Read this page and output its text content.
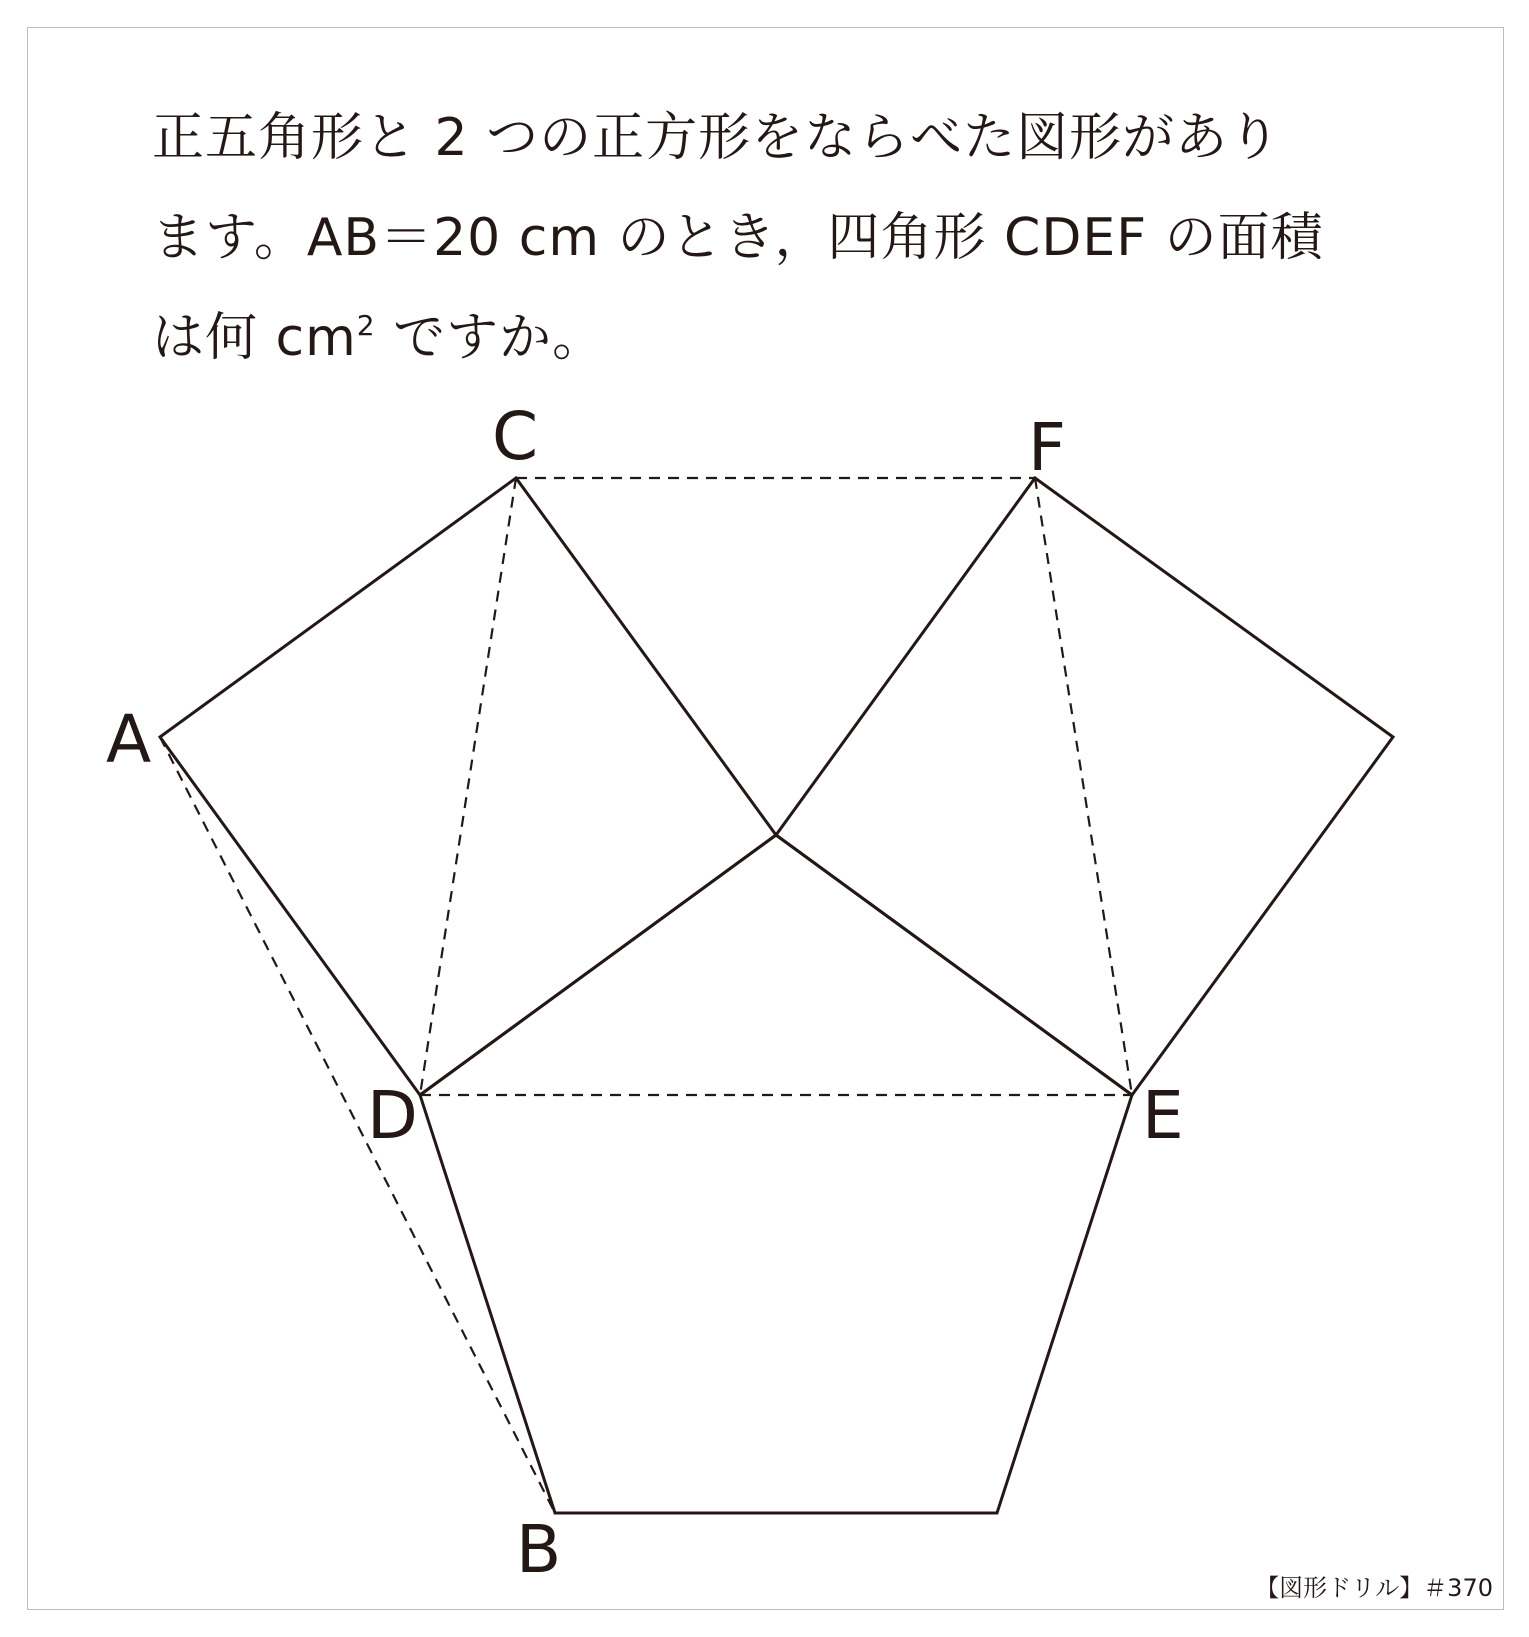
正五角形と 2 つの正方形をならべた図形があり
ます。AB＝20 cm のとき，四角形 CDEF の面積
は何 $cm^2$ ですか。
A
C	F
D	E
B	【図形ドリル】＃370
